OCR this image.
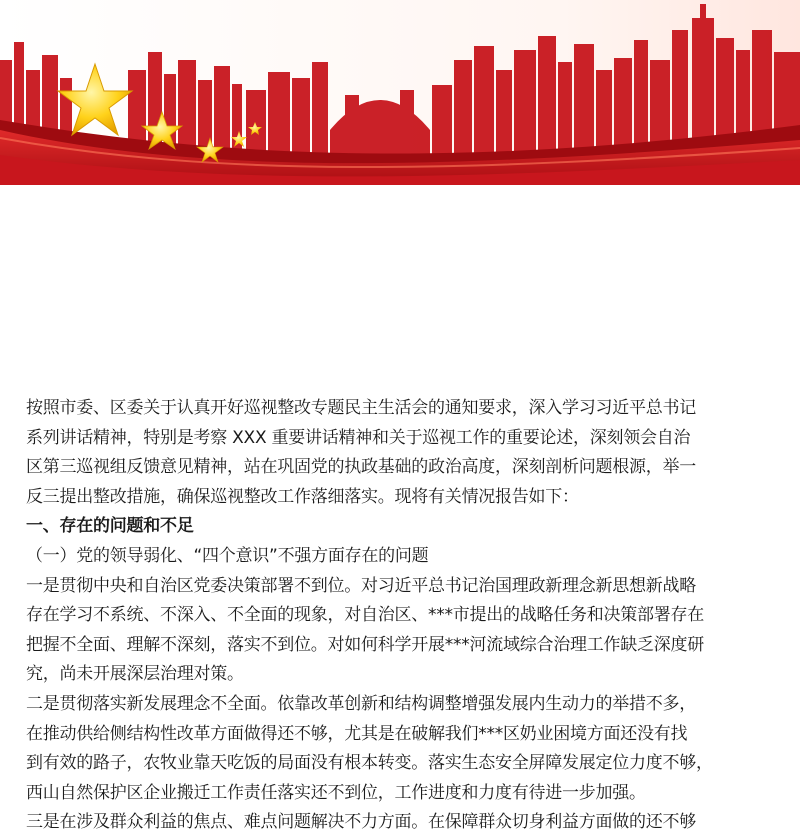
按照市委、区委关于认真开好巡视整改专题民主生活会的通知要求，深入学习习近平总书记

系列讲话精神，特别是考察 XXX 重要讲话精神和关于巡视工作的重要论述，深刻领会自治

区第三巡视组反馈意见精神，站在巩固党的执政基础的政治高度，深刻剖析问题根源，举一

反三提出整改措施，确保巡视整改工作落细落实。现将有关情况报告如下：

一、存在的问题和不足

（一）党的领导弱化、“四个意识”不强方面存在的问题

一是贯彻中央和自治区党委决策部署不到位。对习近平总书记治国理政新理念新思想新战略

存在学习不系统、不深入、不全面的现象，对自治区、***市提出的战略任务和决策部署存在

把握不全面、理解不深刻，落实不到位。对如何科学开展***河流域综合治理工作缺乏深度研

究，尚未开展深层治理对策。

二是贯彻落实新发展理念不全面。依靠改革创新和结构调整增强发展内生动力的举措不多，

在推动供给侧结构性改革方面做得还不够，尤其是在破解我们***区奶业困境方面还没有找

到有效的路子，农牧业靠天吃饭的局面没有根本转变。落实生态安全屏障发展定位力度不够，

西山自然保护区企业搬迁工作责任落实还不到位，工作进度和力度有待进一步加强。

三是在涉及群众利益的焦点、难点问题解决不力方面。在保障群众切身利益方面做的还不够
